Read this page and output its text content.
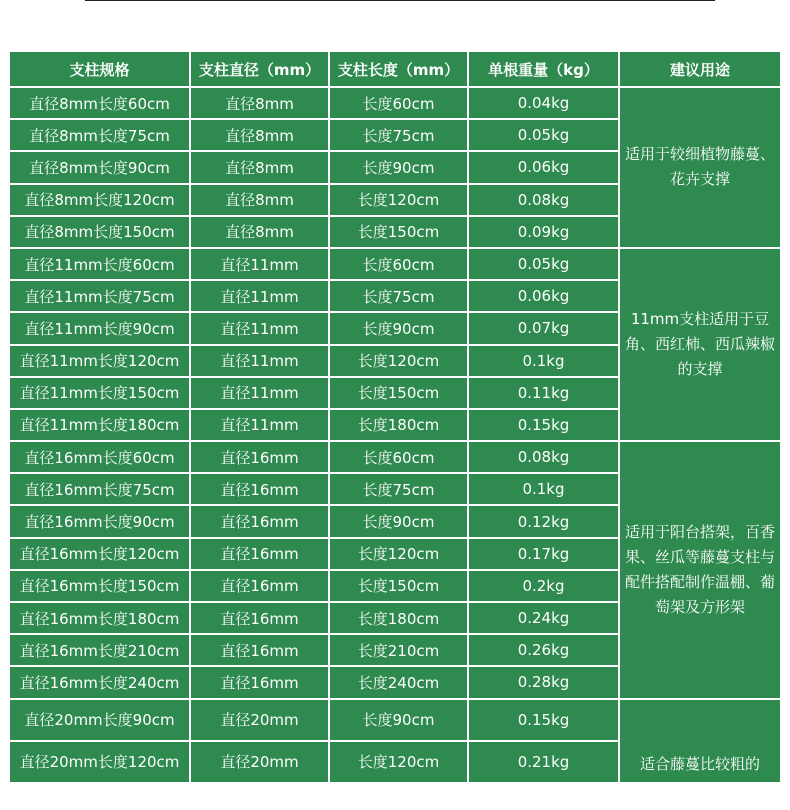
支柱规格	支柱直径（mm）	支柱长度（mm）	单根重量（kg）	建议用途
直径8mm长度60cm	直径8mm	长度60cm	0.04kg	适用于较细植物藤蔓、花卉支撑
直径8mm长度75cm	直径8mm	长度75cm	0.05kg	
直径8mm长度90cm	直径8mm	长度90cm	0.06kg	
直径8mm长度120cm	直径8mm	长度120cm	0.08kg	
直径8mm长度150cm	直径8mm	长度150cm	0.09kg	
直径11mm长度60cm	直径11mm	长度60cm	0.05kg	11mm支柱适用于豆角、西红柿、西瓜辣椒的支撑
直径11mm长度75cm	直径11mm	长度75cm	0.06kg	
直径11mm长度90cm	直径11mm	长度90cm	0.07kg	
直径11mm长度120cm	直径11mm	长度120cm	0.1kg	
直径11mm长度150cm	直径11mm	长度150cm	0.11kg	
直径11mm长度180cm	直径11mm	长度180cm	0.15kg	
直径16mm长度60cm	直径16mm	长度60cm	0.08kg	适用于阳台搭架，百香果、丝瓜等藤蔓支柱与配件搭配制作温棚、葡萄架及方形架
直径16mm长度75cm	直径16mm	长度75cm	0.1kg	
直径16mm长度90cm	直径16mm	长度90cm	0.12kg	
直径16mm长度120cm	直径16mm	长度120cm	0.17kg	
直径16mm长度150cm	直径16mm	长度150cm	0.2kg	
直径16mm长度180cm	直径16mm	长度180cm	0.24kg	
直径16mm长度210cm	直径16mm	长度210cm	0.26kg	
直径16mm长度240cm	直径16mm	长度240cm	0.28kg	
直径20mm长度90cm	直径20mm	长度90cm	0.15kg	适合藤蔓比较粗的
直径20mm长度120cm	直径20mm	长度120cm	0.21kg	
